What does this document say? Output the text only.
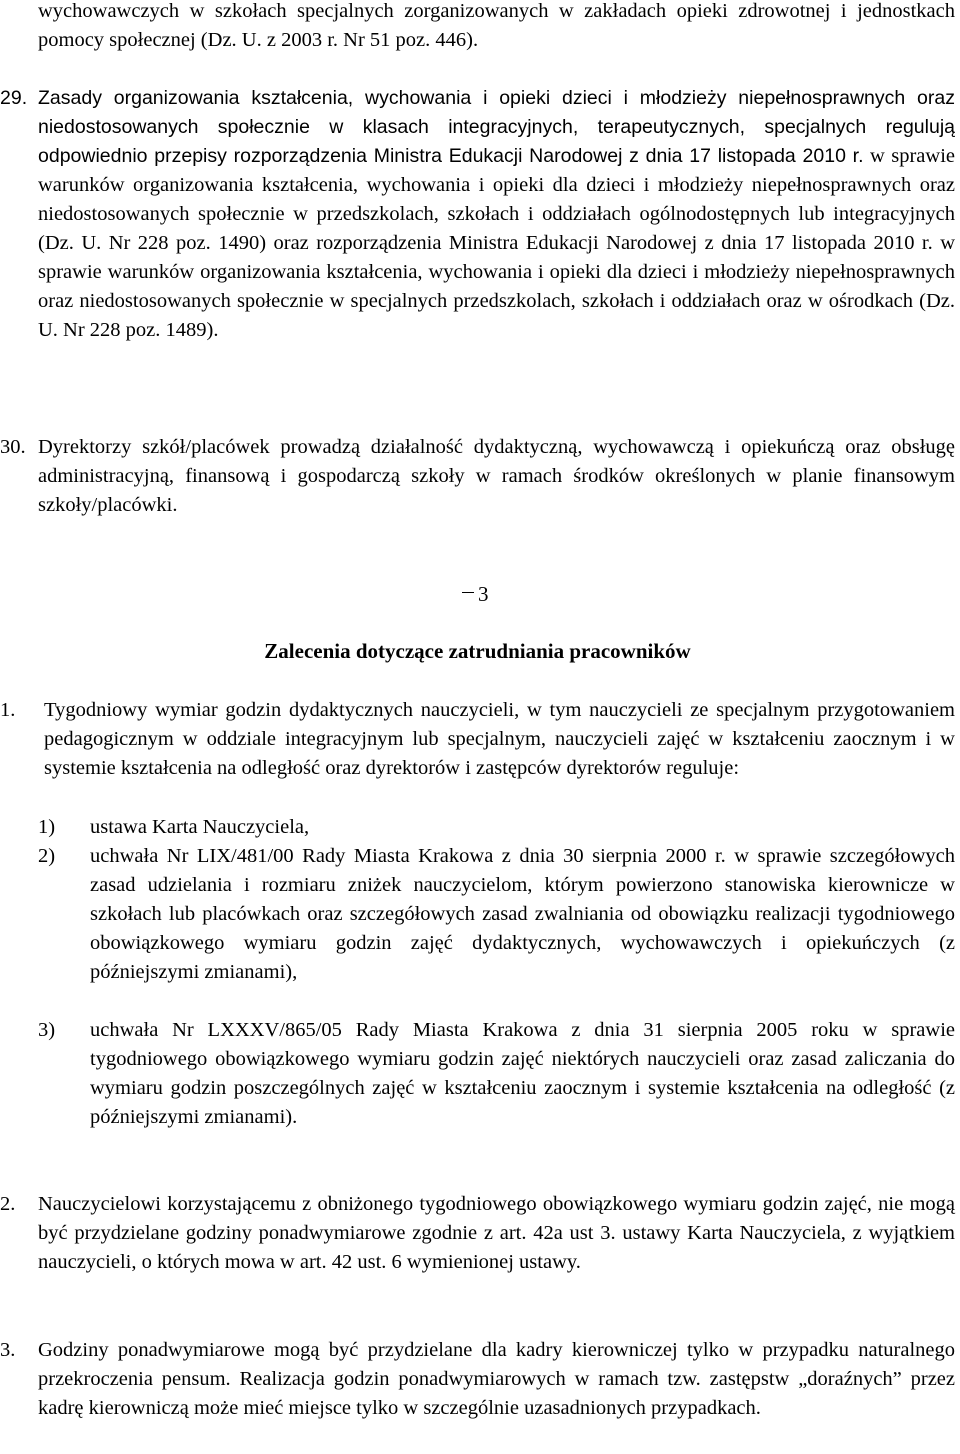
wychowawczych w szkołach specjalnych zorganizowanych w zakładach opieki zdrowotnej i jednostkach pomocy społecznej (Dz. U. z 2003 r. Nr 51 poz. 446).
29. Zasady organizowania kształcenia, wychowania i opieki dzieci i młodzieży niepełnosprawnych oraz niedostosowanych społecznie w klasach integracyjnych, terapeutycznych, specjalnych regulują odpowiednio przepisy rozporządzenia Ministra Edukacji Narodowej z dnia 17 listopada 2010 r. w sprawie warunków organizowania kształcenia, wychowania i opieki dla dzieci i młodzieży niepełnosprawnych oraz niedostosowanych społecznie w przedszkolach, szkołach i oddziałach ogólnodostępnych lub integracyjnych (Dz. U. Nr 228 poz. 1490) oraz rozporządzenia Ministra Edukacji Narodowej z dnia 17 listopada 2010 r. w sprawie warunków organizowania kształcenia, wychowania i opieki dla dzieci i młodzieży niepełnosprawnych oraz niedostosowanych społecznie w specjalnych przedszkolach, szkołach i oddziałach oraz w ośrodkach (Dz. U. Nr 228 poz. 1489).
30. Dyrektorzy szkół/placówek prowadzą działalność dydaktyczną, wychowawczą i opiekuńczą oraz obsługę administracyjną, finansową i gospodarczą szkoły w ramach środków określonych w planie finansowym szkoły/placówki.
3
Zalecenia dotyczące zatrudniania pracowników
1.	Tygodniowy wymiar godzin dydaktycznych nauczycieli, w tym nauczycieli ze specjalnym przygotowaniem pedagogicznym w oddziale integracyjnym lub specjalnym, nauczycieli zajęć w kształceniu zaocznym i w systemie kształcenia na odległość oraz dyrektorów i zastępców dyrektorów reguluje:
1)	ustawa Karta Nauczyciela,
2)	uchwała Nr LIX/481/00 Rady Miasta Krakowa z dnia 30 sierpnia 2000 r. w sprawie szczegółowych zasad udzielania i rozmiaru zniżek nauczycielom, którym powierzono stanowiska kierownicze w szkołach lub placówkach oraz szczegółowych zasad zwalniania od obowiązku realizacji tygodniowego obowiązkowego wymiaru godzin zajęć dydaktycznych, wychowawczych i opiekuńczych (z późniejszymi zmianami),
3)	uchwała Nr LXXXV/865/05 Rady Miasta Krakowa z dnia 31 sierpnia 2005 roku w sprawie tygodniowego obowiązkowego wymiaru godzin zajęć niektórych nauczycieli oraz zasad zaliczania do wymiaru godzin poszczególnych zajęć w kształceniu zaocznym i systemie kształcenia na odległość (z późniejszymi zmianami).
2.	Nauczycielowi korzystającemu z obniżonego tygodniowego obowiązkowego wymiaru godzin zajęć, nie mogą być przydzielane godziny ponadwymiarowe zgodnie z art. 42a ust 3. ustawy Karta Nauczyciela, z wyjątkiem nauczycieli, o których mowa w art. 42 ust. 6 wymienionej ustawy.
3.	Godziny ponadwymiarowe mogą być przydzielane dla kadry kierowniczej tylko w przypadku naturalnego przekroczenia pensum. Realizacja godzin ponadwymiarowych w ramach tzw. zastępstw „doraźnych” przez kadrę kierowniczą może mieć miejsce tylko w szczególnie uzasadnionych przypadkach.
